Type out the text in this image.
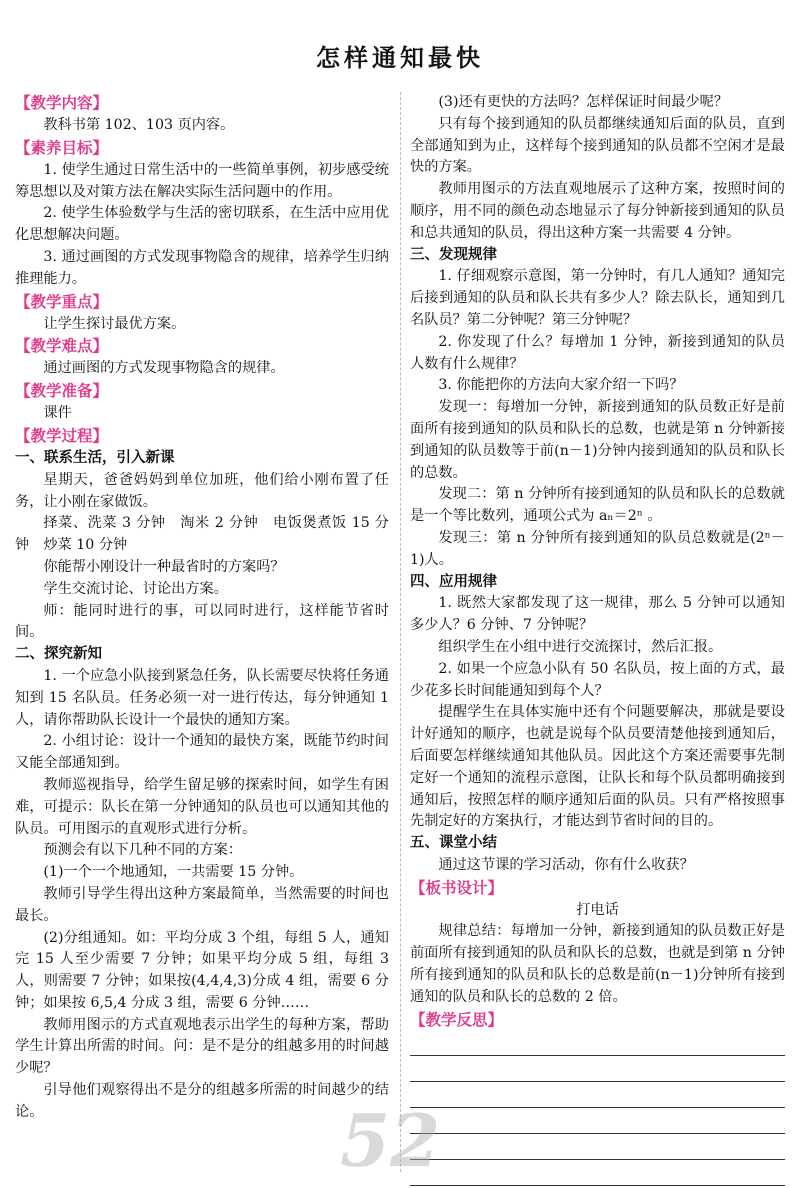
怎样通知最快

【教学内容】

教科书第 102、103 页内容。

【素养目标】

1. 使学生通过日常生活中的一些简单事例，初步感受统筹思想以及对策方法在解决实际生活问题中的作用。

2. 使学生体验数学与生活的密切联系，在生活中应用优化思想解决问题。

3. 通过画图的方式发现事物隐含的规律，培养学生归纳推理能力。

【教学重点】

让学生探讨最优方案。

【教学难点】

通过画图的方式发现事物隐含的规律。

【教学准备】

课件

【教学过程】

一、联系生活，引入新课

星期天，爸爸妈妈到单位加班，他们给小刚布置了任务，让小刚在家做饭。

择菜、洗菜 3 分钟　淘米 2 分钟　电饭煲煮饭 15 分钟　炒菜 10 分钟

你能帮小刚设计一种最省时的方案吗？

学生交流讨论、讨论出方案。

师：能同时进行的事，可以同时进行，这样能节省时间。

二、探究新知

1. 一个应急小队接到紧急任务，队长需要尽快将任务通知到 15 名队员。任务必须一对一进行传达，每分钟通知 1 人，请你帮助队长设计一个最快的通知方案。

2. 小组讨论：设计一个通知的最快方案，既能节约时间又能全部通知到。

教师巡视指导，给学生留足够的探索时间，如学生有困难，可提示：队长在第一分钟通知的队员也可以通知其他的队员。可用图示的直观形式进行分析。

预测会有以下几种不同的方案：

(1)一个一个地通知，一共需要 15 分钟。

教师引导学生得出这种方案最简单，当然需要的时间也最长。

(2)分组通知。如：平均分成 3 个组，每组 5 人，通知完 15 人至少需要 7 分钟；如果平均分成 5 组，每组 3 人，则需要 7 分钟；如果按(4,4,4,3)分成 4 组，需要 6 分钟；如果按 6,5,4 分成 3 组，需要 6 分钟……

教师用图示的方式直观地表示出学生的每种方案，帮助学生计算出所需的时间。问：是不是分的组越多用的时间越少呢？

引导他们观察得出不是分的组越多所需的时间越少的结论。

(3)还有更快的方法吗？怎样保证时间最少呢？

只有每个接到通知的队员都继续通知后面的队员，直到全部通知到为止，这样每个接到通知的队员都不空闲才是最快的方案。

教师用图示的方法直观地展示了这种方案，按照时间的顺序，用不同的颜色动态地显示了每分钟新接到通知的队员和总共通知的队员，得出这种方案一共需要 4 分钟。

三、发现规律

1. 仔细观察示意图，第一分钟时，有几人通知？通知完后接到通知的队员和队长共有多少人？除去队长，通知到几名队员？第二分钟呢？第三分钟呢？

2. 你发现了什么？每增加 1 分钟，新接到通知的队员人数有什么规律？

3. 你能把你的方法向大家介绍一下吗？

发现一：每增加一分钟，新接到通知的队员数正好是前面所有接到通知的队员和队长的总数，也就是第 n 分钟新接到通知的队员数等于前(n－1)分钟内接到通知的队员和队长的总数。

发现二：第 n 分钟所有接到通知的队员和队长的总数就是一个等比数列，通项公式为 aₙ＝2ⁿ 。

发现三：第 n 分钟所有接到通知的队员总数就是(2ⁿ－1)人。

四、应用规律

1. 既然大家都发现了这一规律，那么 5 分钟可以通知多少人？6 分钟、7 分钟呢？

组织学生在小组中进行交流探讨，然后汇报。

2. 如果一个应急小队有 50 名队员，按上面的方式，最少花多长时间能通知到每个人？

提醒学生在具体实施中还有个问题要解决，那就是要设计好通知的顺序，也就是说每个队员要清楚他接到通知后，后面要怎样继续通知其他队员。因此这个方案还需要事先制定好一个通知的流程示意图，让队长和每个队员都明确接到通知后，按照怎样的顺序通知后面的队员。只有严格按照事先制定好的方案执行，才能达到节省时间的目的。

五、课堂小结

通过这节课的学习活动，你有什么收获？

【板书设计】

打电话

规律总结：每增加一分钟，新接到通知的队员数正好是前面所有接到通知的队员和队长的总数，也就是到第 n 分钟所有接到通知的队员和队长的总数是前(n－1)分钟所有接到通知的队员和队长的总数的 2 倍。

【教学反思】

52
